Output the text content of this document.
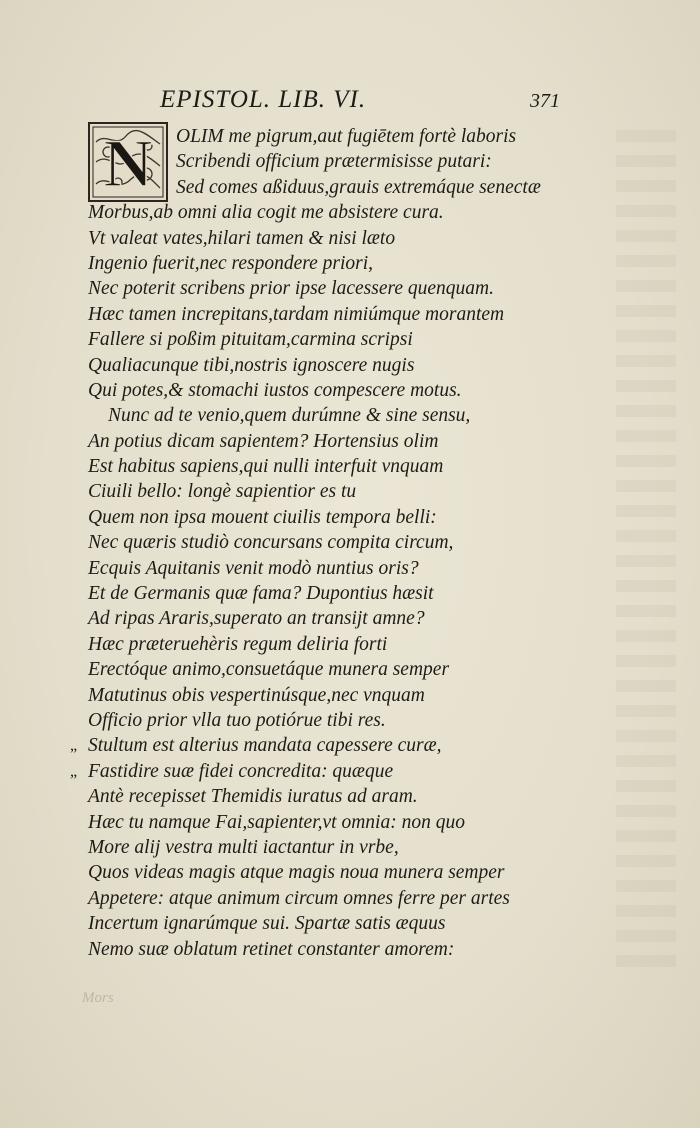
EPISTOL. LIB. VI.	371
N OLIM me pigrum,aut fugiētem fortè laboris
Scribendi officium prætermisisse putari:
Sed comes aßiduus,grauis extremáque senectæ
Morbus,ab omni alia cogit me absistere cura.
Vt valeat vates,hilari tamen & nisi læto
Ingenio fuerit,nec respondere priori,
Nec poterit scribens prior ipse lacessere quenquam.
Hæc tamen increpitans,tardam nimiúmque morantem
Fallere si poßim pituitam,carmina scripsi
Qualiacunque tibi,nostris ignoscere nugis
Qui potes,& stomachi iustos compescere motus.
Nunc ad te venio,quem durúmne & sine sensu,
An potius dicam sapientem? Hortensius olim
Est habitus sapiens,qui nulli interfuit vnquam
Ciuili bello: longè sapientior es tu
Quem non ipsa mouent ciuilis tempora belli:
Nec quæris studiò concursans compita circum,
Ecquis Aquitanis venit modò nuntius oris?
Et de Germanis quæ fama? Dupontius hæsit
Ad ripas Araris,superato an transijt amne?
Hæc præteruehèris regum deliria forti
Erectóque animo,consuetáque munera semper
Matutinus obis vespertinúsque,nec vnquam
Officio prior vlla tuo potiórue tibi res.
„ Stultum est alterius mandata capessere curæ,
„ Fastidire suæ fidei concredita: quæque
Antè recepisset Themidis iuratus ad aram.
Hæc tu namque Fai,sapienter,vt omnia: non quo
More alij vestra multi iactantur in vrbe,
Quos videas magis atque magis noua munera semper
Appetere: atque animum circum omnes ferre per artes
Incertum ignarúmque sui. Spartæ satis æquus
Nemo suæ oblatum retinet constanter amorem:
Mors
